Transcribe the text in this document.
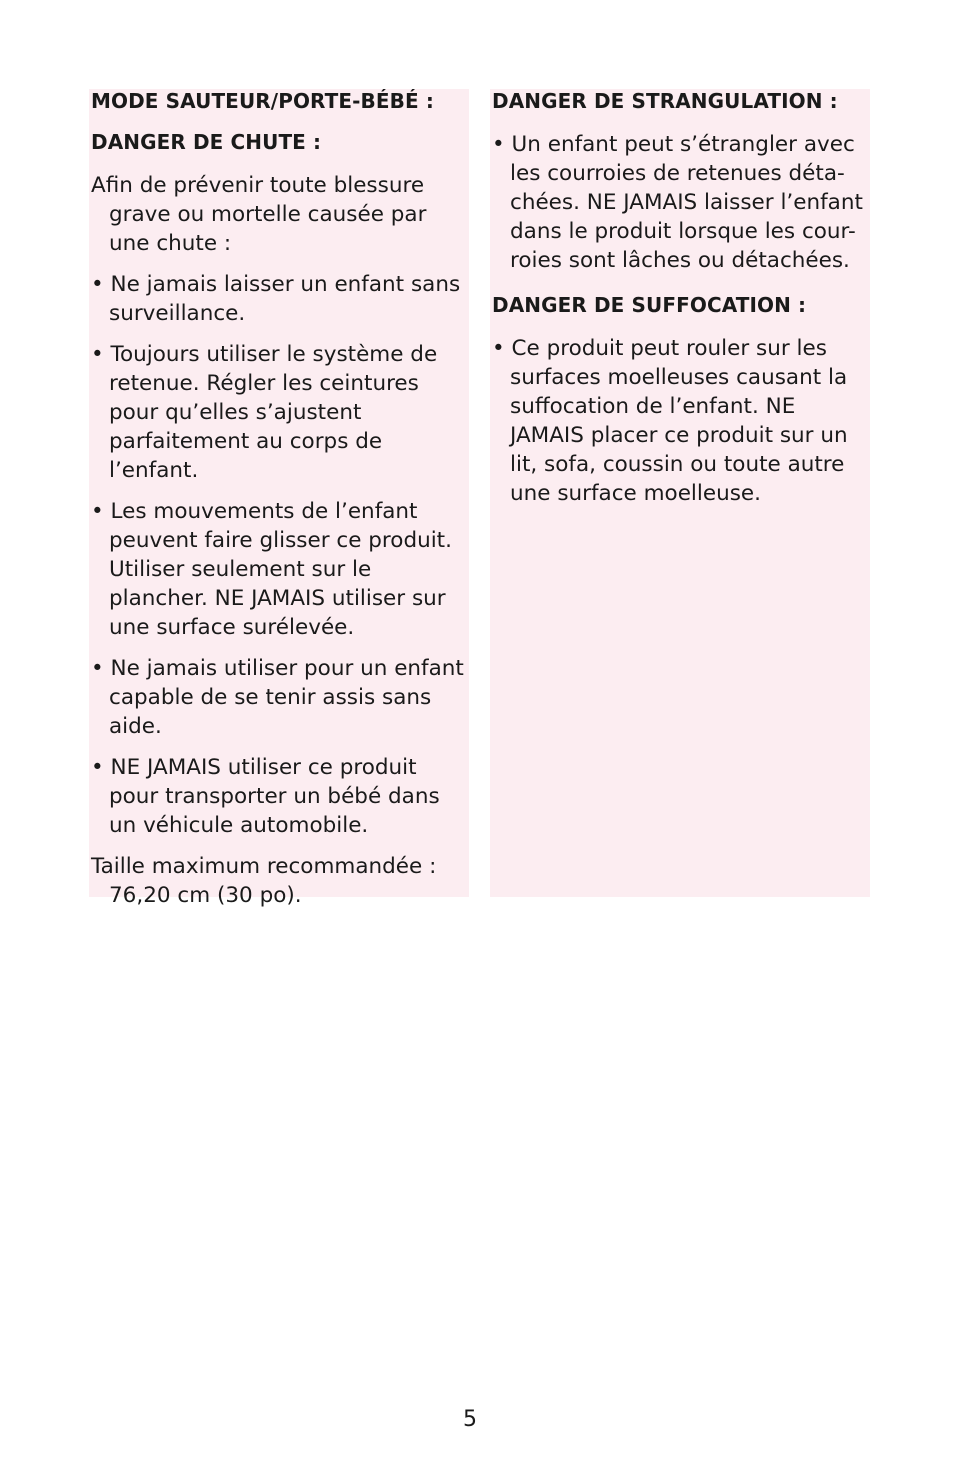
MODE SAUTEUR/PORTE-BÉBÉ :
DANGER DE CHUTE :
Afin de prévenir toute blessure grave ou mortelle causée par une chute :
• Ne jamais laisser un enfant sans surveillance.
• Toujours utiliser le système de retenue. Régler les ceintures pour qu’elles s’ajustent parfaitement au corps de l’enfant.
• Les mouvements de l’enfant peuvent faire glisser ce produit. Utiliser seulement sur le plancher. NE JAMAIS utiliser sur une surface surélevée.
• Ne jamais utiliser pour un enfant capable de se tenir assis sans aide.
• NE JAMAIS utiliser ce produit pour transporter un bébé dans un véhicule automobile.
Taille maximum recommandée : 76,20 cm (30 po).
DANGER DE STRANGULATION :
• Un enfant peut s’étrangler avec les courroies de retenues déta-chées. NE JAMAIS laisser l’enfant dans le produit lorsque les cour-roies sont lâches ou détachées.
DANGER DE SUFFOCATION :
• Ce produit peut rouler sur les surfaces moelleuses causant la suffocation de l’enfant. NE JAMAIS placer ce produit sur un lit, sofa, coussin ou toute autre une surface moelleuse.
5
